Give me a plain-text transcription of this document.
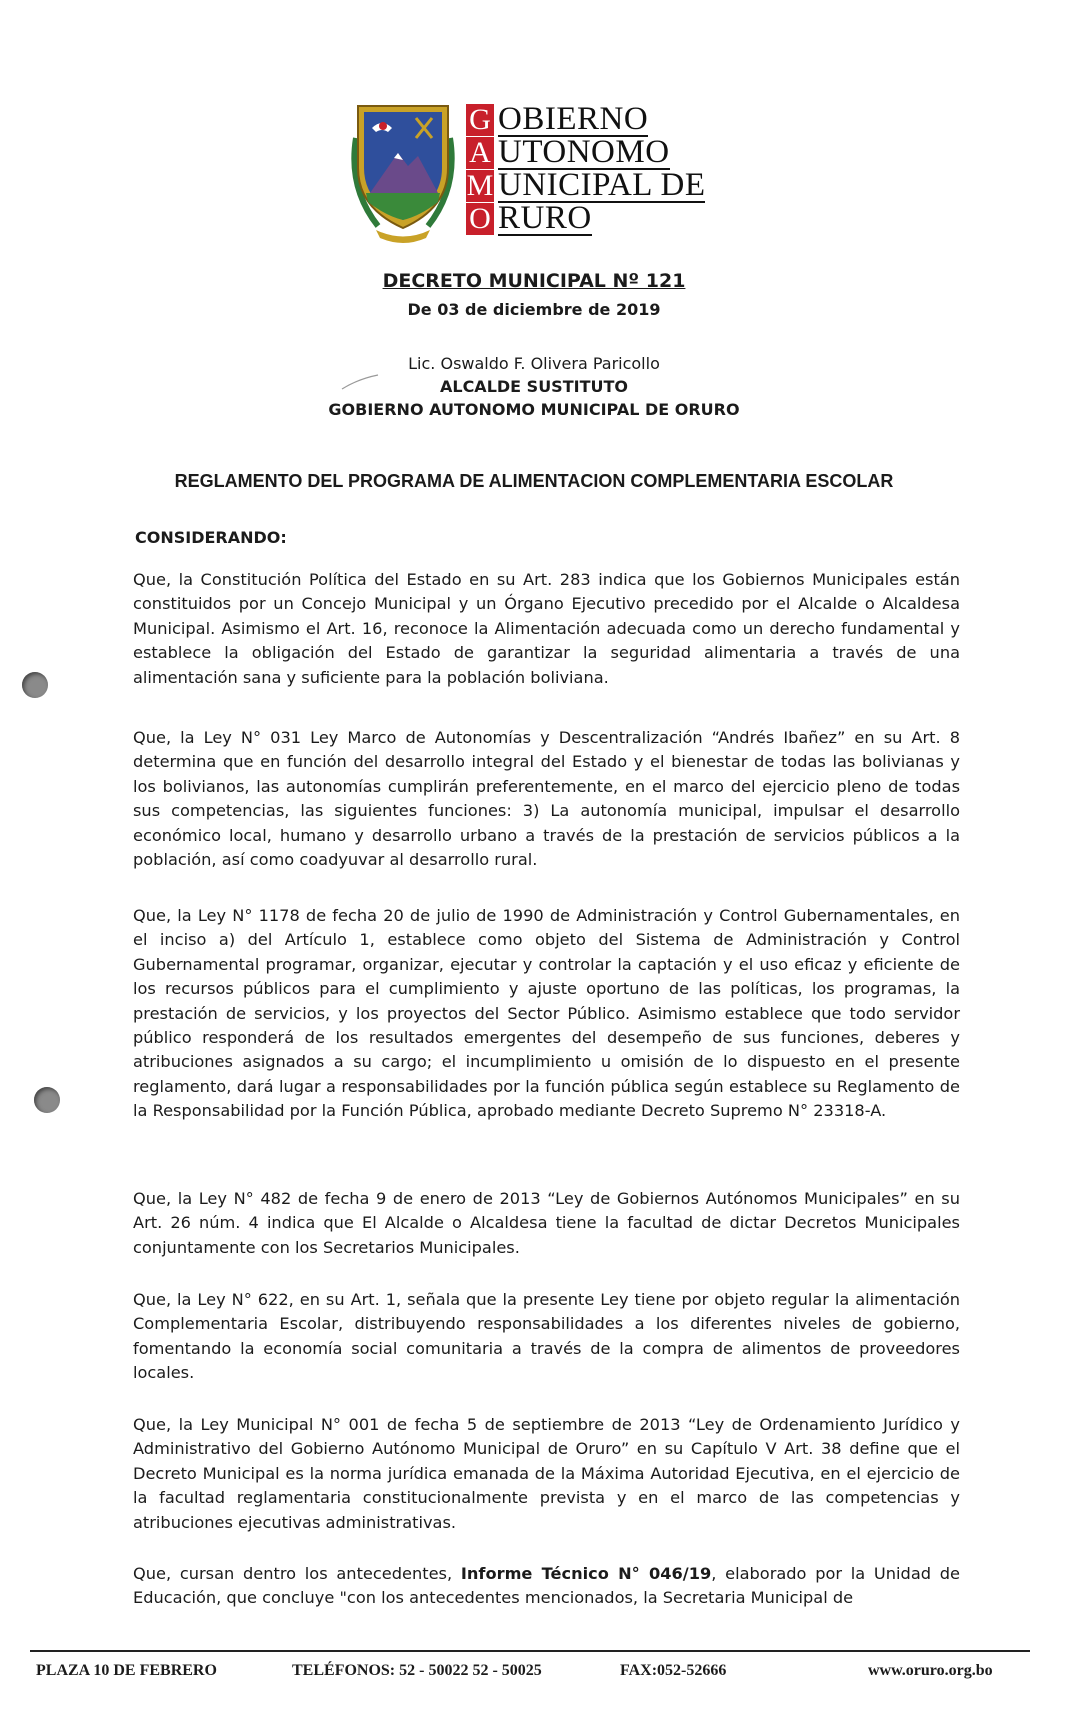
G OBIERNO
A UTONOMO
M UNICIPAL DE
O RURO
DECRETO MUNICIPAL Nº 121
De 03 de diciembre de 2019
Lic. Oswaldo F. Olivera Paricollo
ALCALDE SUSTITUTO
GOBIERNO AUTONOMO MUNICIPAL DE ORURO
REGLAMENTO DEL PROGRAMA DE ALIMENTACION COMPLEMENTARIA ESCOLAR
CONSIDERANDO:
Que, la Constitución Política del Estado en su Art. 283 indica que los Gobiernos Municipales están constituidos por un Concejo Municipal y un Órgano Ejecutivo precedido por el Alcalde o Alcaldesa Municipal. Asimismo el Art. 16, reconoce la Alimentación adecuada como un derecho fundamental y establece la obligación del Estado de garantizar la seguridad alimentaria a través de una alimentación sana y suficiente para la población boliviana.
Que, la Ley N° 031 Ley Marco de Autonomías y Descentralización “Andrés Ibañez” en su Art. 8 determina que en función del desarrollo integral del Estado y el bienestar de todas las bolivianas y los bolivianos, las autonomías cumplirán preferentemente, en el marco del ejercicio pleno de todas sus competencias, las siguientes funciones: 3) La autonomía municipal, impulsar el desarrollo económico local, humano y desarrollo urbano a través de la prestación de servicios públicos a la población, así como coadyuvar al desarrollo rural.
Que, la Ley N° 1178 de fecha 20 de julio de 1990 de Administración y Control Gubernamentales, en el inciso a) del Artículo 1, establece como objeto del Sistema de Administración y Control Gubernamental programar, organizar, ejecutar y controlar la captación y el uso eficaz y eficiente de los recursos públicos para el cumplimiento y ajuste oportuno de las políticas, los programas, la prestación de servicios, y los proyectos del Sector Público. Asimismo establece que todo servidor público responderá de los resultados emergentes del desempeño de sus funciones, deberes y atribuciones asignados a su cargo; el incumplimiento u omisión de lo dispuesto en el presente reglamento, dará lugar a responsabilidades por la función pública según establece su Reglamento de la Responsabilidad por la Función Pública, aprobado mediante Decreto Supremo N° 23318-A.
Que, la Ley N° 482 de fecha 9 de enero de 2013 “Ley de Gobiernos Autónomos Municipales” en su Art. 26 núm. 4 indica que El Alcalde o Alcaldesa tiene la facultad de dictar Decretos Municipales conjuntamente con los Secretarios Municipales.
Que, la Ley N° 622, en su Art. 1, señala que la presente Ley tiene por objeto regular la alimentación Complementaria Escolar, distribuyendo responsabilidades a los diferentes niveles de gobierno, fomentando la economía social comunitaria a través de la compra de alimentos de proveedores locales.
Que, la Ley Municipal N° 001 de fecha 5 de septiembre de 2013 “Ley de Ordenamiento Jurídico y Administrativo del Gobierno Autónomo Municipal de Oruro” en su Capítulo V Art. 38 define que el Decreto Municipal es la norma jurídica emanada de la Máxima Autoridad Ejecutiva, en el ejercicio de la facultad reglamentaria constitucionalmente prevista y en el marco de las competencias y atribuciones ejecutivas administrativas.
Que, cursan dentro los antecedentes, Informe Técnico N° 046/19, elaborado por la Unidad de Educación, que concluye "con los antecedentes mencionados, la Secretaria Municipal de
PLAZA 10 DE FEBRERO	TELÉFONOS: 52 - 50022 52 - 50025	FAX:052-52666	www.oruro.org.bo
